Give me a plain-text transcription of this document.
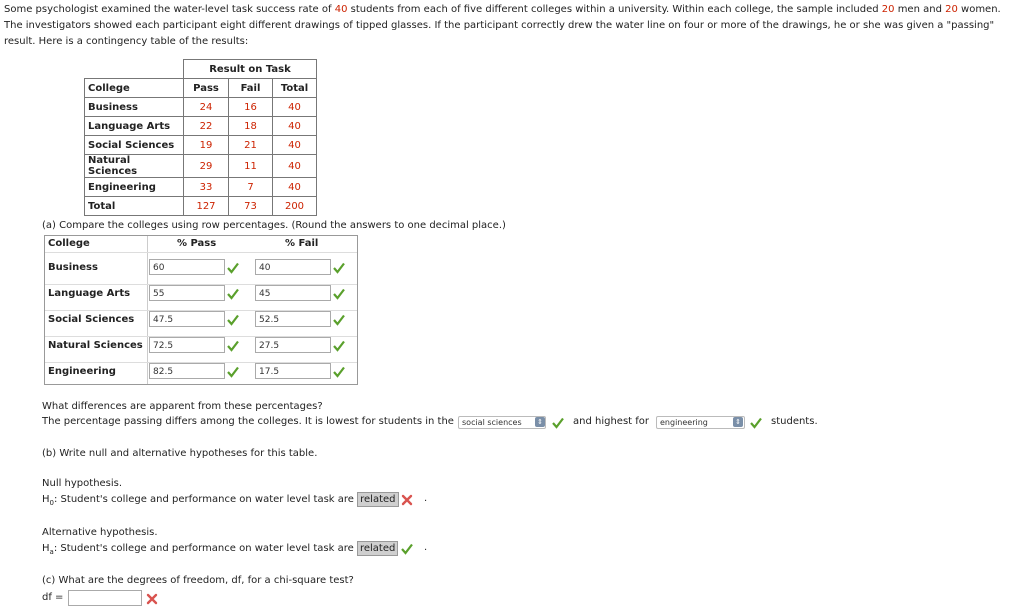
Some psychologist examined the water-level task success rate of 40 students from each of five different colleges within a university. Within each college, the sample included 20 men and 20 women. The investigators showed each participant eight different drawings of tipped glasses. If the participant correctly drew the water line on four or more of the drawings, he or she was given a "passing" result. Here is a contingency table of the results:

	Result on Task		
College	Pass	Fail	Total
Business	24	16	40
Language Arts	22	18	40
Social Sciences	19	21	40
Natural Sciences	29	11	40
Engineering	33	7	40
Total	127	73	200
(a) Compare the colleges using row percentages. (Round the answers to one decimal place.)
College	% Pass	% Fail
Business	60	40
Language Arts	55	45
Social Sciences	47.5	52.5
Natural Sciences	72.5	27.5
Engineering	82.5	17.5
What differences are apparent from these percentages?
The percentage passing differs among the colleges. It is lowest for students in the	social sciences	⇕	and highest for	engineering	⇕	students.
(b) Write null and alternative hypotheses for this table.
Null hypothesis.
$H_0$: Student's college and performance on water level task are related	.
Alternative hypothesis.
$H_a$: Student's college and performance on water level task are related	.
(c) What are the degrees of freedom, df, for a chi-square test?
df =
